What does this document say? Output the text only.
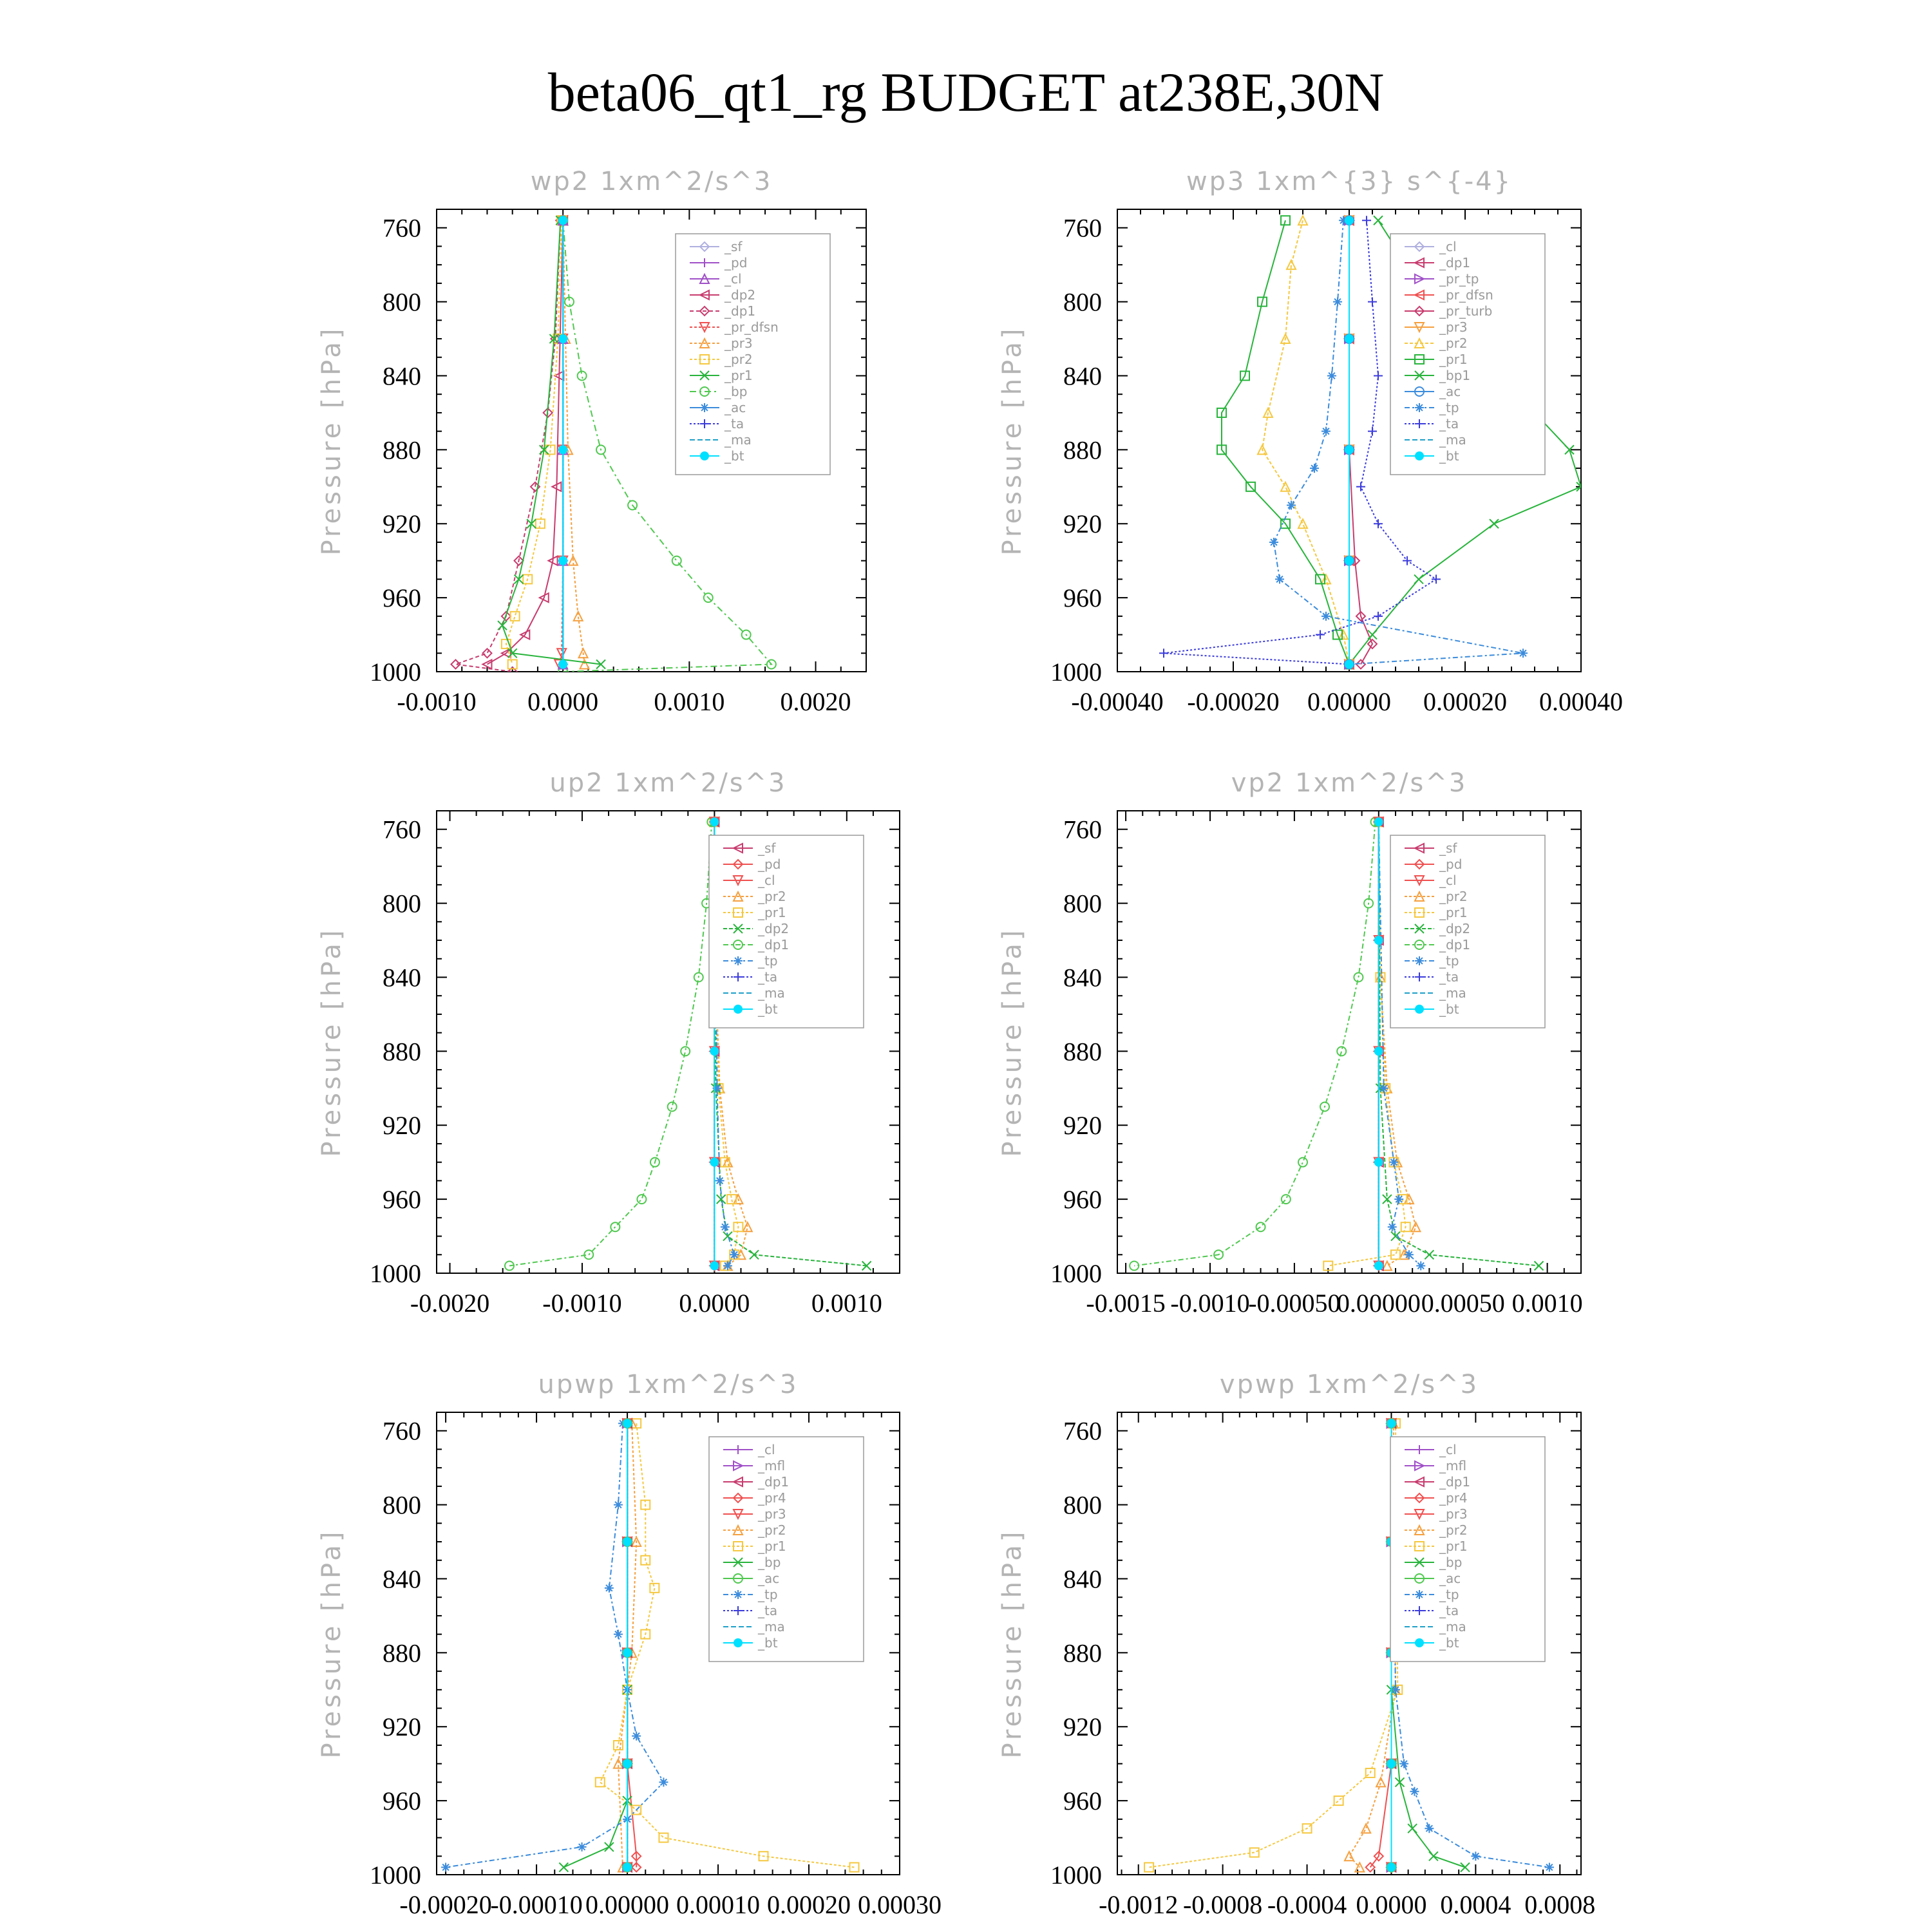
beta06_qt1_rg BUDGET at238E,30N
wp2 1xm^2/s^3
Pressure [hPa]
-0.0010 0.0000 0.0010 0.0020
760
800
840
880
920
960
1000
_sf
_pd
_cl
_dp2
_dp1
_pr_dfsn
_pr3
_pr2
_pr1
_bp
_ac
_ta
_ma
_bt
wp3 1xm^{3} s^{-4}
Pressure [hPa]
-0.00040 -0.00020 0.00000 0.00020 0.00040
760
800
840
880
920
960
1000
_cl
_dp1
_pr_tp
_pr_dfsn
_pr_turb
_pr3
_pr2
_pr1
_bp1
_ac
_tp
_ta
_ma
_bt
up2 1xm^2/s^3
Pressure [hPa]
-0.0020 -0.0010 0.0000 0.0010
760
800
840
880
920
960
1000
_sf
_pd
_cl
_pr2
_pr1
_dp2
_dp1
_tp
_ta
_ma
_bt
vp2 1xm^2/s^3
Pressure [hPa]
-0.0015 -0.0010
-0.00050
0.00000 0.00050 0.0010
760
800
840
880
920
960
1000
_sf
_pd
_cl
_pr2
_pr1
_dp2
_dp1
_tp
_ta
_ma
_bt
upwp 1xm^2/s^3
Pressure [hPa]
-0.00020
-0.00010 0.00000 0.00010 0.00020 0.00030
760
800
840
880
920
960
1000
_cl
_mfl
_dp1
_pr4
_pr3
_pr2
_pr1
_bp
_ac
_tp
_ta
_ma
_bt
vpwp 1xm^2/s^3
Pressure [hPa]
-0.0012 -0.0008 -0.0004 0.0000 0.0004 0.0008
760
800
840
880
920
960
1000
_cl
_mfl
_dp1
_pr4
_pr3
_pr2
_pr1
_bp
_ac
_tp
_ta
_ma
_bt
